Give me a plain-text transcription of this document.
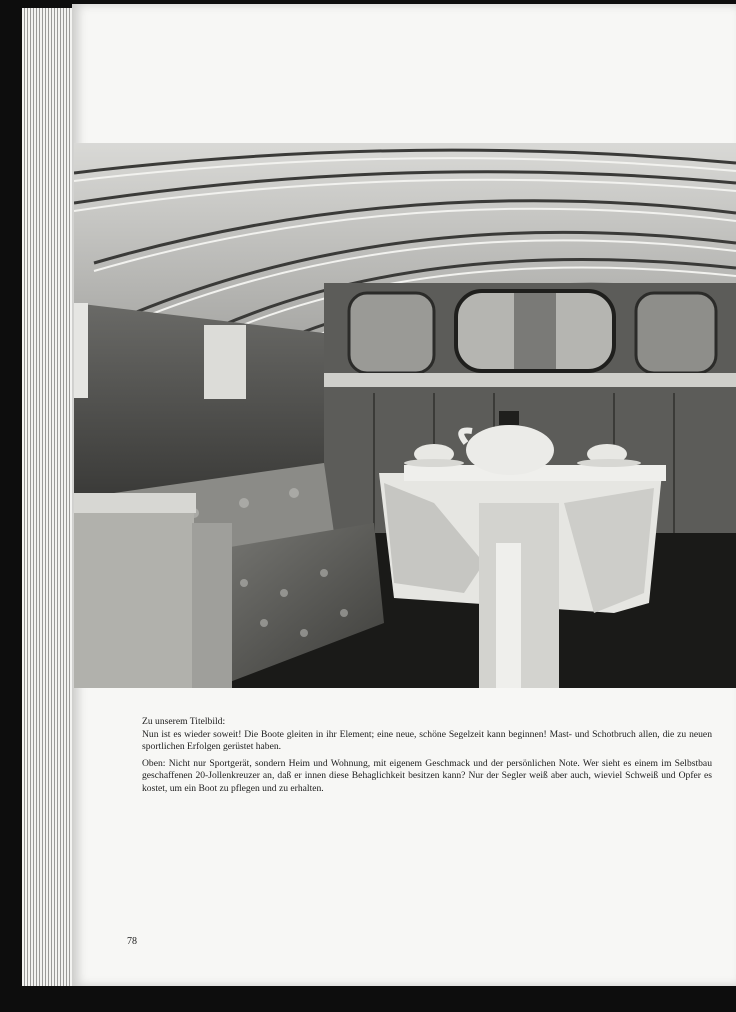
Zu unserem Titelbild:

Nun ist es wieder soweit! Die Boote gleiten in ihr Element; eine neue, schöne Segelzeit kann beginnen! Mast- und Schotbruch allen, die zu neuen sportlichen Erfolgen gerüstet haben.

Oben: Nicht nur Sportgerät, sondern Heim und Wohnung, mit eigenem Geschmack und der persönlichen Note. Wer sieht es einem im Selbstbau geschaffenen 20-Jollenkreuzer an, daß er innen diese Behaglichkeit besitzen kann? Nur der Segler weiß aber auch, wieviel Schweiß und Opfer es kostet, um ein Boot zu pflegen und zu erhalten.

78
